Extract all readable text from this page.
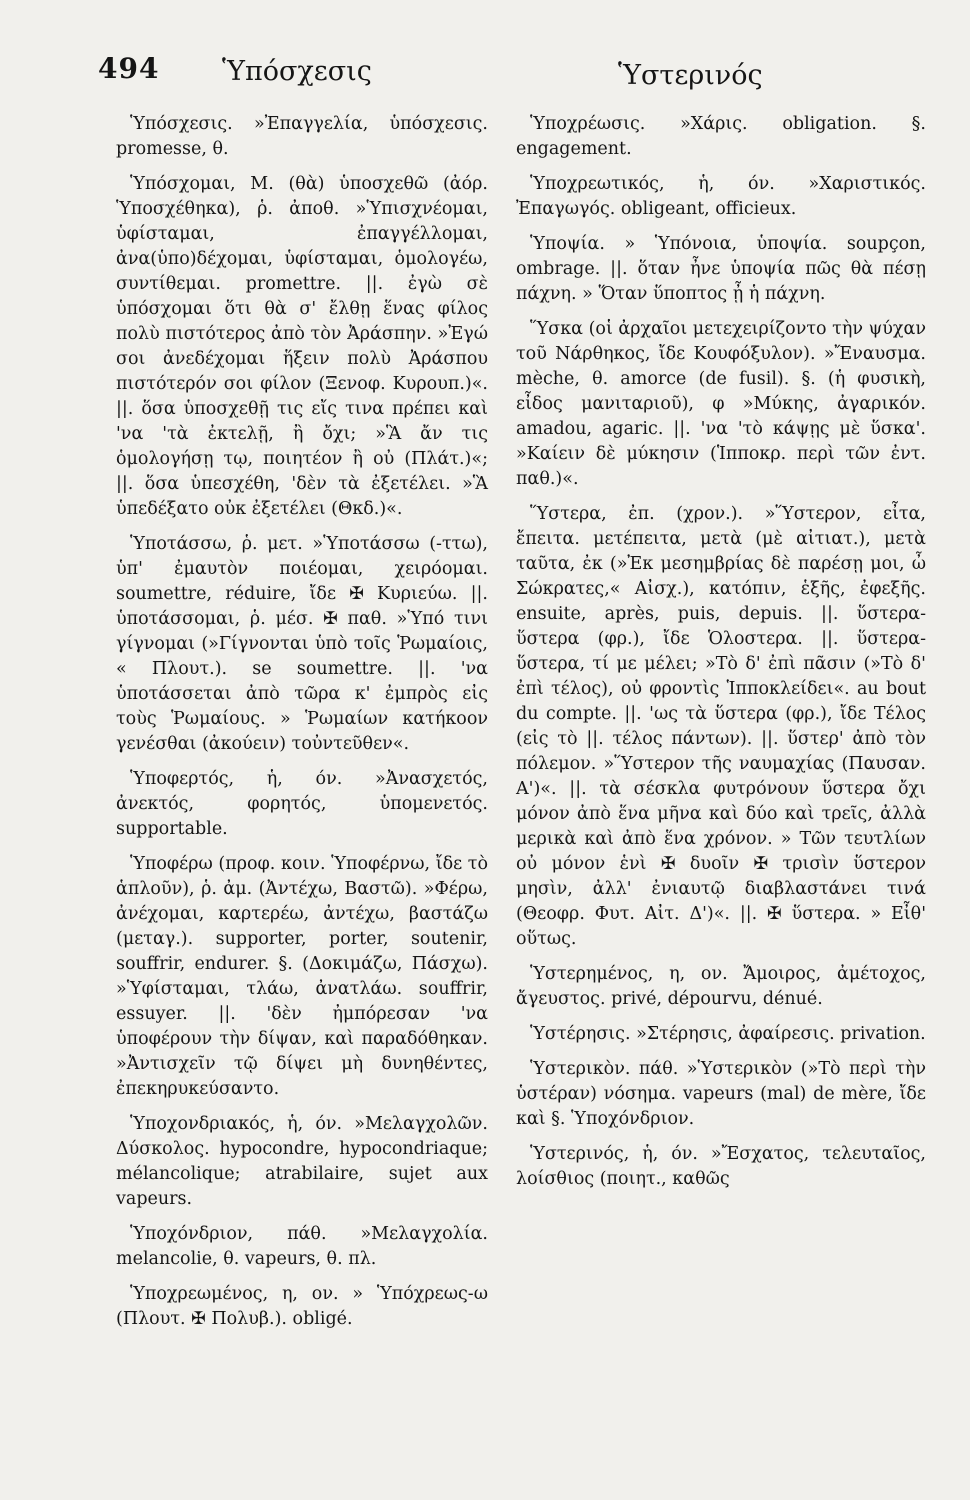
494 Ὑπόσχεσις	Ὑστερινός

Ὑπόσχεσις. »Ἐπαγγελία, ὑπόσχεσις. promesse, θ.

Ὑπόσχομαι, Μ. (θὰ) ὑποσχεθῶ (ἀόρ. Ὑποσχέθηκα), ῥ. ἀποθ. »Ὑπισχνέομαι, ὑφίσταμαι, ἐπαγγέλλομαι, ἀνα(ὑπο)δέχομαι, ὑφίσταμαι, ὁμολογέω, συντίθεμαι. promettre. ||. ἐγὼ σὲ ὑπόσχομαι ὅτι θὰ σ' ἔλθῃ ἕνας φίλος πολὺ πιστότερος ἀπὸ τὸν Ἀράσπην. »Ἐγώ σοι ἀνεδέχομαι ἥξειν πολὺ Ἀράσπου πιστότερόν σοι φίλον (Ξενοφ. Κυρουπ.)«. ||. ὅσα ὑποσχεθῇ τις εἴς τινα πρέπει καὶ 'να 'τὰ ἐκτελῇ, ἢ ὄχι; »Ἃ ἄν τις ὁμολογήσῃ τῳ, ποιητέον ἢ οὐ (Πλάτ.)«; ||. ὅσα ὑπεσχέθη, 'δὲν τὰ ἐξετέλει. »Ἃ ὑπεδέξατο οὐκ ἐξετέλει (Θκδ.)«.

Ὑποτάσσω, ῥ. μετ. »Ὑποτάσσω (-ττω), ὑπ' ἐμαυτὸν ποιέομαι, χειρόομαι. soumettre, réduire, ἴδε ✠ Κυριεύω. ||. ὑποτάσσομαι, ῥ. μέσ. ✠ παθ. »Ὑπό τινι γίγνομαι (»Γίγνονται ὑπὸ τοῖς Ῥωμαίοις, « Πλουτ.). se soumettre. ||. 'να ὑποτάσσεται ἀπὸ τῶρα κ' ἐμπρὸς εἰς τοὺς Ῥωμαίους. » Ῥωμαίων κατήκοον γενέσθαι (ἀκούειν) τοὐντεῦθεν«.

Ὑποφερτός, ἡ, όν. »Ἀνασχετός, ἀνεκτός, φορητός, ὑπομενετός. supportable.

Ὑποφέρω (προφ. κοιν. Ὑποφέρνω, ἴδε τὸ ἁπλοῦν), ῥ. ἀμ. (Ἀντέχω, Βαστῶ). »Φέρω, ἀνέχομαι, καρτερέω, ἀντέχω, βαστάζω (μεταγ.). supporter, porter, soutenir, souffrir, endurer. §. (Δοκιμάζω, Πάσχω). »Ὑφίσταμαι, τλάω, ἀνατλάω. souffrir, essuyer. ||. 'δὲν ἠμπόρεσαν 'να ὑποφέρουν τὴν δίψαν, καὶ παραδόθηκαν. »Ἀντισχεῖν τῷ δίψει μὴ δυνηθέντες, ἐπεκηρυκεύσαντο.

Ὑποχονδριακός, ἡ, όν. »Μελαγχολῶν. Δύσκολος. hypocondre, hypocondriaque; mélancolique; atrabilaire, sujet aux vapeurs.

Ὑποχόνδριον, πάθ. »Μελαγχολία. melancolie, θ. vapeurs, θ. πλ.

Ὑποχρεωμένος, η, ον. » Ὑπόχρεως-ω (Πλουτ. ✠ Πολυβ.). obligé.

Ὑποχρέωσις. »Χάρις. obligation. §. engagement.

Ὑποχρεωτικός, ἡ, όν. »Χαριστικός. Ἐπαγωγός. obligeant, officieux.

Ὑποψία. » Ὑπόνοια, ὑποψία. soupçon, ombrage. ||. ὅταν ἦνε ὑποψία πῶς θὰ πέσῃ πάχνη. » Ὅταν ὕποπτος ᾖ ἡ πάχνη.

Ὕσκα (οἱ ἀρχαῖοι μετεχειρίζοντο τὴν ψύχαν τοῦ Νάρθηκος, ἴδε Κουφόξυλον). »Ἔναυσμα. mèche, θ. amorce (de fusil). §. (ἡ φυσικὴ, εἶδος μανιταριοῦ), φ »Μύκης, ἀγαρικόν. amadou, agaric. ||. 'να 'τὸ κάψῃς μὲ ὕσκα'. »Καίειν δὲ μύκησιν (Ἱπποκρ. περὶ τῶν ἐντ. παθ.)«.

Ὕστερα, ἐπ. (χρον.). »Ὕστερον, εἶτα, ἔπειτα. μετέπειτα, μετὰ (μὲ αἰτιατ.), μετὰ ταῦτα, ἐκ (»Ἐκ μεσημβρίας δὲ παρέσῃ μοι, ὦ Σώκρατες,« Αἰσχ.), κατόπιν, ἑξῆς, ἐφεξῆς. ensuite, après, puis, depuis. ||. ὕστερα-ὕστερα (φρ.), ἴδε Ὁλοστερα. ||. ὕστερα-ὕστερα, τί με μέλει; »Τὸ δ' ἐπὶ πᾶσιν (»Τὸ δ' ἐπὶ τέλος), οὐ φροντὶς Ἱπποκλείδει«. au bout du compte. ||. 'ως τὰ ὕστερα (φρ.), ἴδε Τέλος (εἰς τὸ ||. τέλος πάντων). ||. ὕστερ' ἀπὸ τὸν πόλεμον. »Ὕστερον τῆς ναυμαχίας (Παυσαν. Α')«. ||. τὰ σέσκλα φυτρόνουν ὕστερα ὄχι μόνον ἀπὸ ἕνα μῆνα καὶ δύο καὶ τρεῖς, ἀλλὰ μερικὰ καὶ ἀπὸ ἕνα χρόνον. » Τῶν τευτλίων οὐ μόνον ἑνὶ ✠ δυοῖν ✠ τρισὶν ὕστερον μησὶν, ἀλλ' ἐνιαυτῷ διαβλαστάνει τινά (Θεοφρ. Φυτ. Αἰτ. Δ')«. ||. ✠ ὕστερα. » Εἶθ' οὕτως.

Ὑστερημένος, η, ον. Ἄμοιρος, ἀμέτοχος, ἄγευστος. privé, dépourvu, dénué.

Ὑστέρησις. »Στέρησις, ἀφαίρεσις. privation.

Ὑστερικὸν. πάθ. »Ὑστερικὸν (»Τὸ περὶ τὴν ὑστέραν) νόσημα. vapeurs (mal) de mère, ἴδε καὶ §. Ὑποχόνδριον.

Ὑστερινός, ἡ, όν. »Ἔσχατος, τελευταῖος, λοίσθιος (ποιητ., καθῶς
